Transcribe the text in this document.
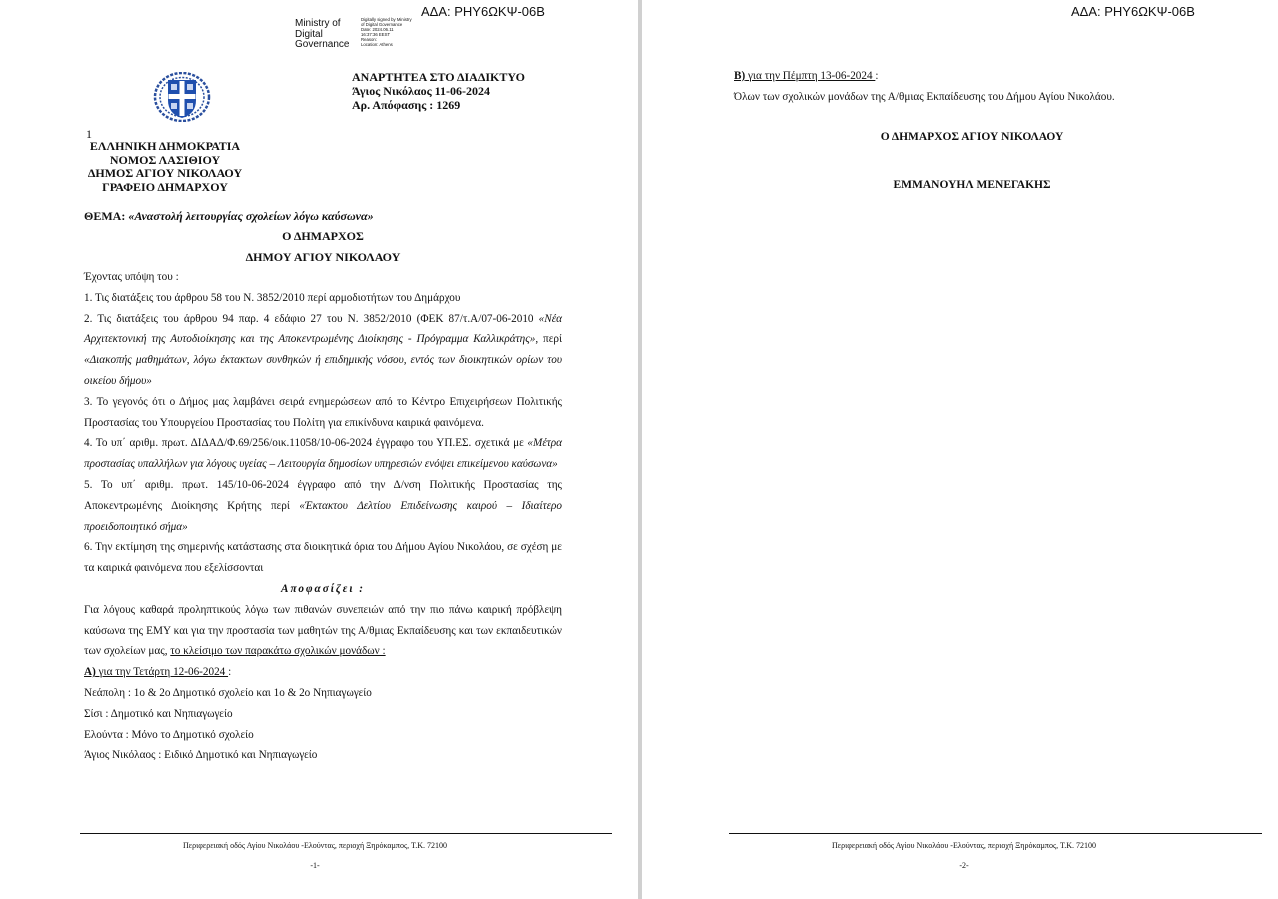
ΑΔΑ: ΡΗΥ6ΩΚΨ-06Β
Ministry of
Digital
Governance
Digitally signed by Ministry
of Digital Governance
Date: 2024.06.11
16:37:36 EEST
Reason:
Location: Athens
ΑΝΑΡΤΗΤΕΑ ΣΤΟ ΔΙΑΔΙΚΤΥΟ
Άγιος Νικόλαος 11-06-2024
Αρ. Απόφασης : 1269
1
ΕΛΛΗΝΙΚΗ ΔΗΜΟΚΡΑΤΙΑ
ΝΟΜΟΣ ΛΑΣΙΘΙΟΥ
ΔΗΜΟΣ ΑΓΙΟΥ ΝΙΚΟΛΑΟΥ
ΓΡΑΦΕΙΟ ΔΗΜΑΡΧΟΥ
ΘΕΜΑ: «Αναστολή λειτουργίας σχολείων λόγω καύσωνα»
Ο ΔΗΜΑΡΧΟΣ
ΔΗΜΟΥ ΑΓΙΟΥ ΝΙΚΟΛΑΟΥ

Έχοντας υπόψη του :

1. Τις διατάξεις του άρθρου 58 του Ν. 3852/2010 περί αρμοδιοτήτων του Δημάρχου

2. Τις διατάξεις του άρθρου 94 παρ. 4 εδάφιο 27 του Ν. 3852/2010 (ΦΕΚ 87/τ.Α/07-06-2010 «Νέα Αρχιτεκτονική της Αυτοδιοίκησης και της Αποκεντρωμένης Διοίκησης - Πρόγραμμα Καλλικράτης», περί «Διακοπής μαθημάτων, λόγω έκτακτων συνθηκών ή επιδημικής νόσου, εντός των διοικητικών ορίων του οικείου δήμου»

3. Το γεγονός ότι ο Δήμος μας λαμβάνει σειρά ενημερώσεων από το Κέντρο Επιχειρήσεων Πολιτικής Προστασίας του Υπουργείου Προστασίας του Πολίτη για επικίνδυνα καιρικά φαινόμενα.

4. Το υπ΄ αριθμ. πρωτ. ΔΙΔΑΔ/Φ.69/256/οικ.11058/10-06-2024 έγγραφο του ΥΠ.ΕΣ. σχετικά με «Μέτρα προστασίας υπαλλήλων για λόγους υγείας – Λειτουργία δημοσίων υπηρεσιών ενόψει επικείμενου καύσωνα»

5. Το υπ΄ αριθμ. πρωτ. 145/10-06-2024 έγγραφο από την Δ/νση Πολιτικής Προστασίας της Αποκεντρωμένης Διοίκησης Κρήτης περί «Έκτακτου Δελτίου Επιδείνωσης καιρού – Ιδιαίτερο προειδοποιητικό σήμα»

6. Την εκτίμηση της σημερινής κατάστασης στα διοικητικά όρια του Δήμου Αγίου Νικολάου, σε σχέση με τα καιρικά φαινόμενα που εξελίσσονται

Αποφασίζει :

Για λόγους καθαρά προληπτικούς λόγω των πιθανών συνεπειών από την πιο πάνω καιρική πρόβλεψη καύσωνα της ΕΜΥ και για την προστασία των μαθητών της Α/θμιας Εκπαίδευσης και των εκπαιδευτικών των σχολείων μας, το κλείσιμο των παρακάτω σχολικών μονάδων :

Α) για την Τετάρτη 12-06-2024 :

Νεάπολη : 1ο & 2ο Δημοτικό σχολείο και 1ο & 2ο Νηπιαγωγείο

Σίσι : Δημοτικό και Νηπιαγωγείο

Ελούντα : Μόνο το Δημοτικό σχολείο

Άγιος Νικόλαος : Ειδικό Δημοτικό και Νηπιαγωγείο

Περιφερειακή οδός Αγίου Νικολάου -Ελούντας, περιοχή Ξηρόκαμπος, Τ.Κ. 72100
-1-
ΑΔΑ: ΡΗΥ6ΩΚΨ-06Β
Β) για την Πέμπτη 13-06-2024 :
Όλων των σχολικών μονάδων της Α/θμιας Εκπαίδευσης του Δήμου Αγίου Νικολάου.
Ο ΔΗΜΑΡΧΟΣ ΑΓΙΟΥ ΝΙΚΟΛΑΟΥ
ΕΜΜΑΝΟΥΗΛ ΜΕΝΕΓΑΚΗΣ
Περιφερειακή οδός Αγίου Νικολάου -Ελούντας, περιοχή Ξηρόκαμπος, Τ.Κ. 72100
-2-
